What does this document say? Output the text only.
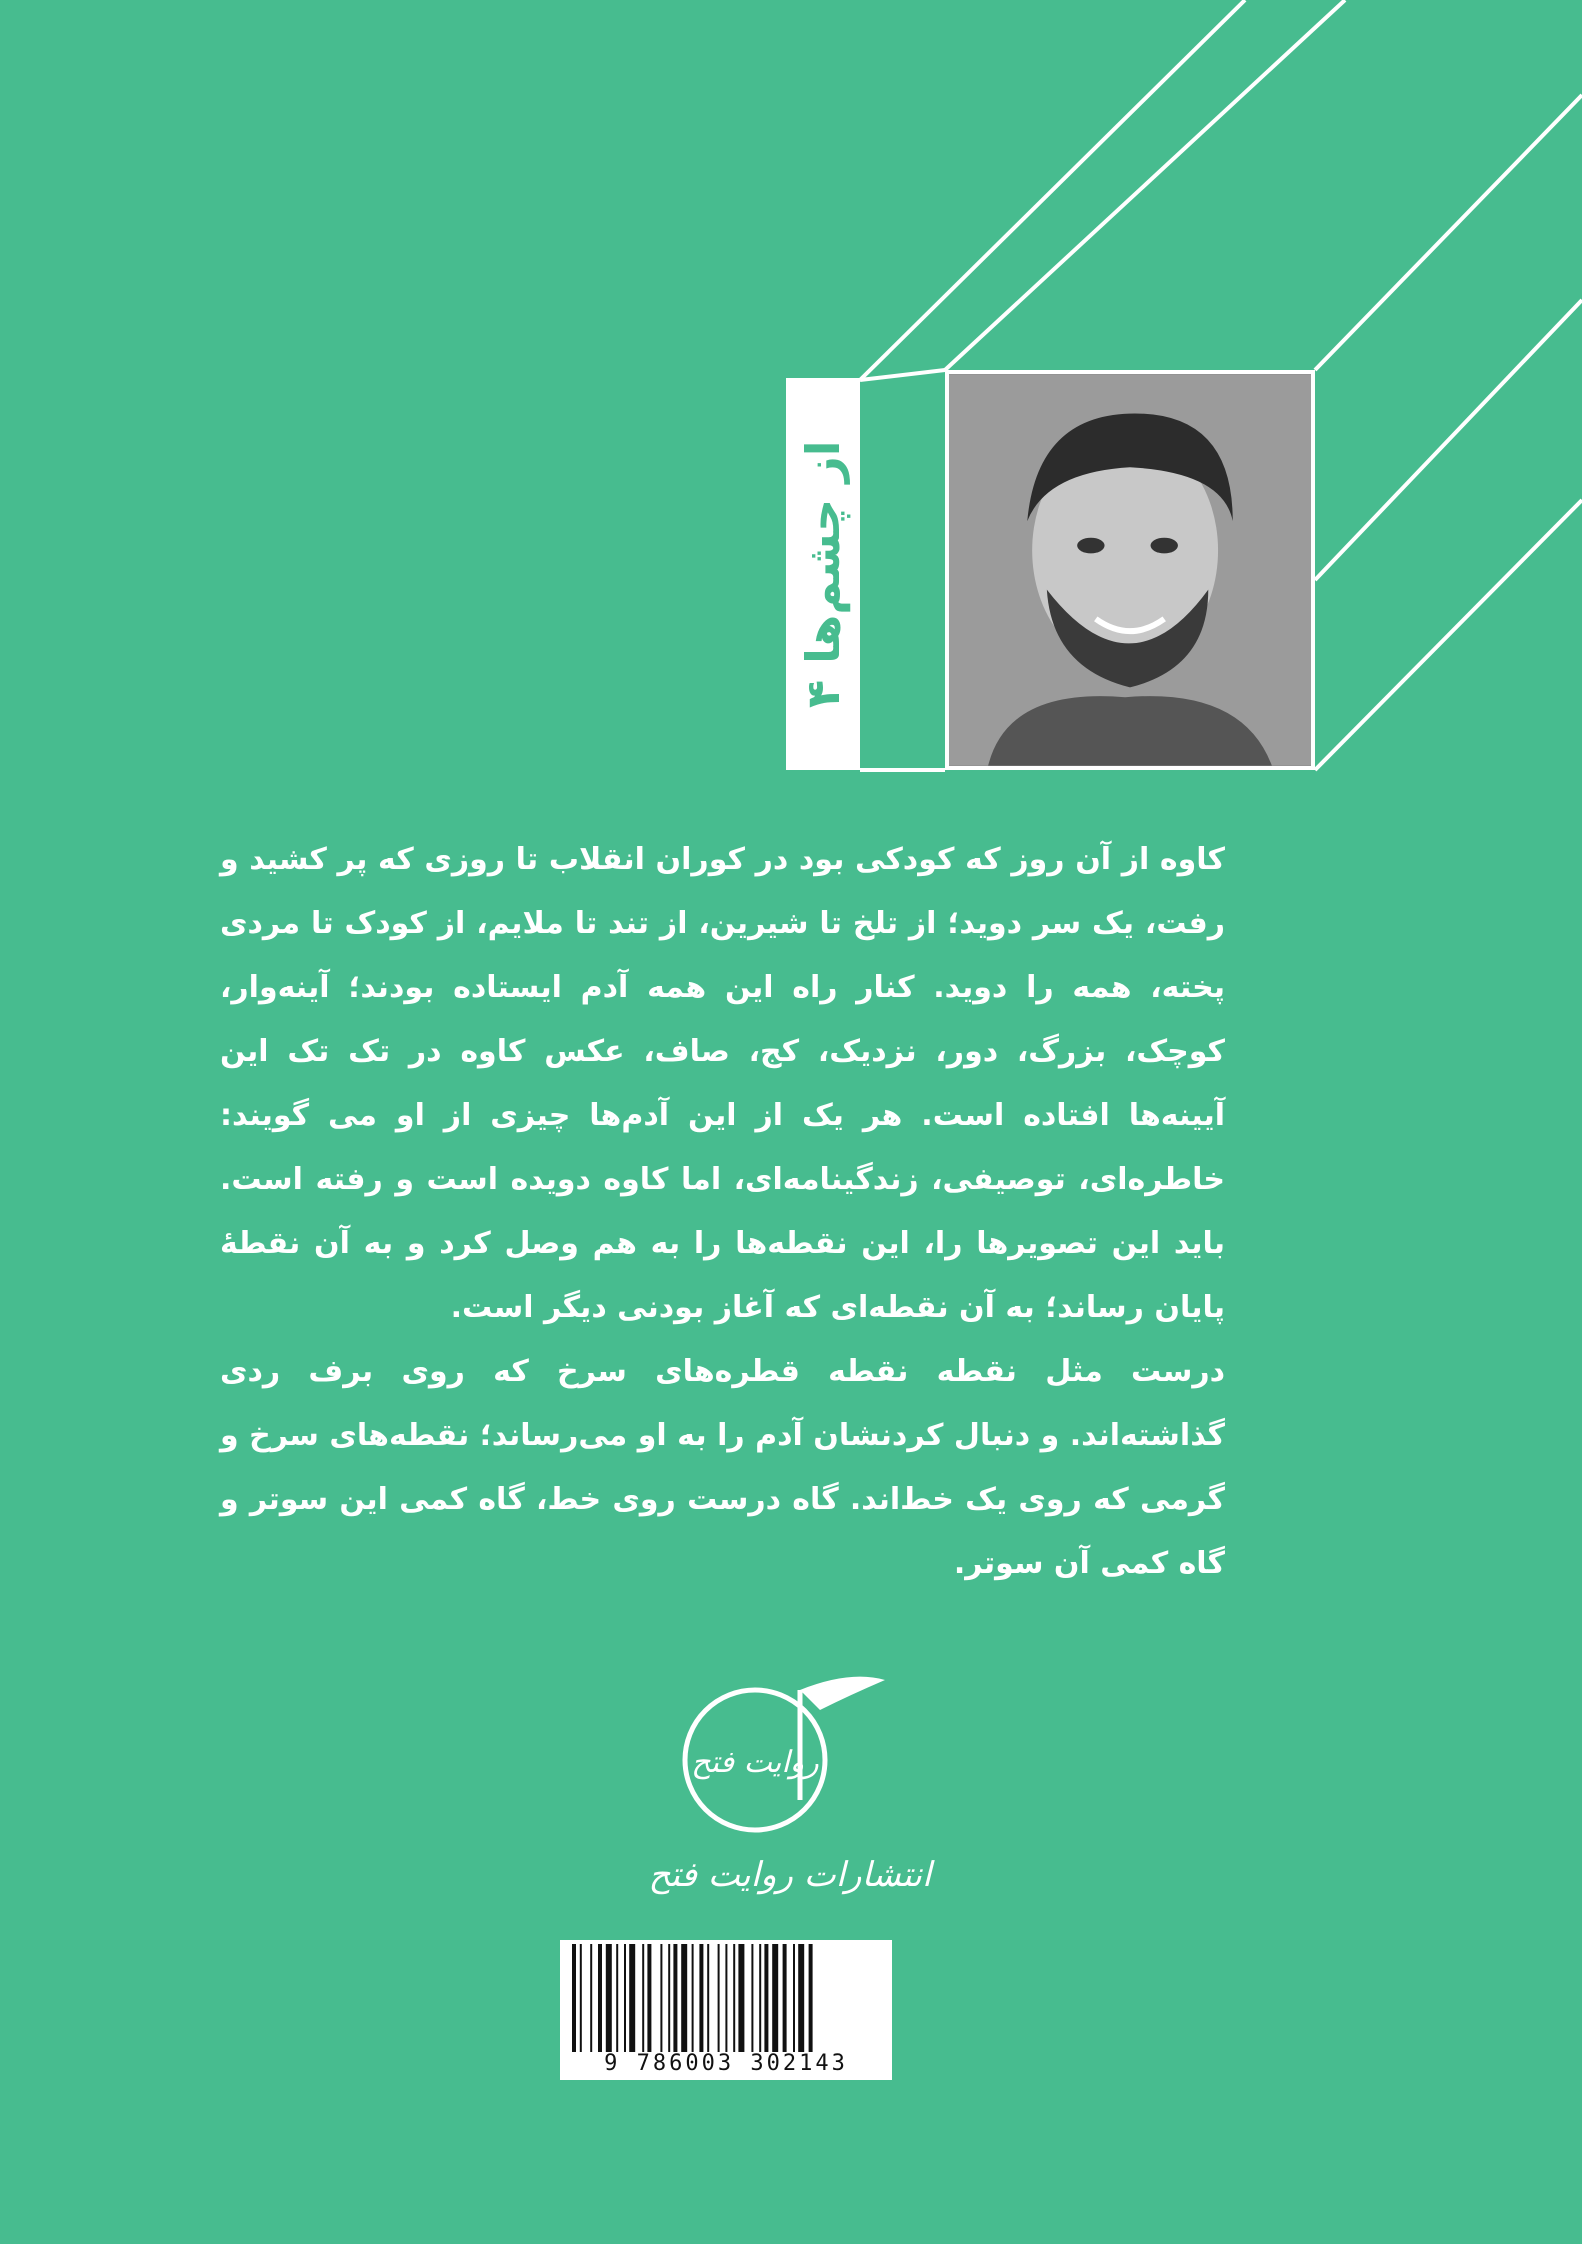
از چشم‌ها ۴

کاوه از آن روز که کودکی بود در کوران انقلاب تا روزی که پر کشید و رفت، یک سر دوید؛ از تلخ تا شیرین، از تند تا ملایم، از کودک تا مردی پخته، همه را دوید. کنار راه این همه آدم ایستاده بودند؛ آینه‌وار، کوچک، بزرگ، دور، نزدیک، کج، صاف، عکس کاوه در تک تک این آیینه‌ها افتاده است. هر یک از این آدم‌ها چیزی از او می گویند: خاطره‌ای، توصیفی، زندگینامه‌ای، اما کاوه دویده است و رفته است. باید این تصویرها را، این نقطه‌ها را به هم وصل کرد و به آن نقطهٔ پایان رساند؛ به آن نقطه‌ای که آغاز بودنی دیگر است.

درست مثل نقطه نقطه قطره‌های سرخ که روی برف ردی گذاشته‌اند. و دنبال کردنشان آدم را به او می‌رساند؛ نقطه‌های سرخ و گرمی که روی یک خط‌اند. گاه درست روی خط، گاه کمی این سوتر و گاه کمی آن سوتر.

روایت فتح
انتشارات روایت فتح
9 786003 302143
